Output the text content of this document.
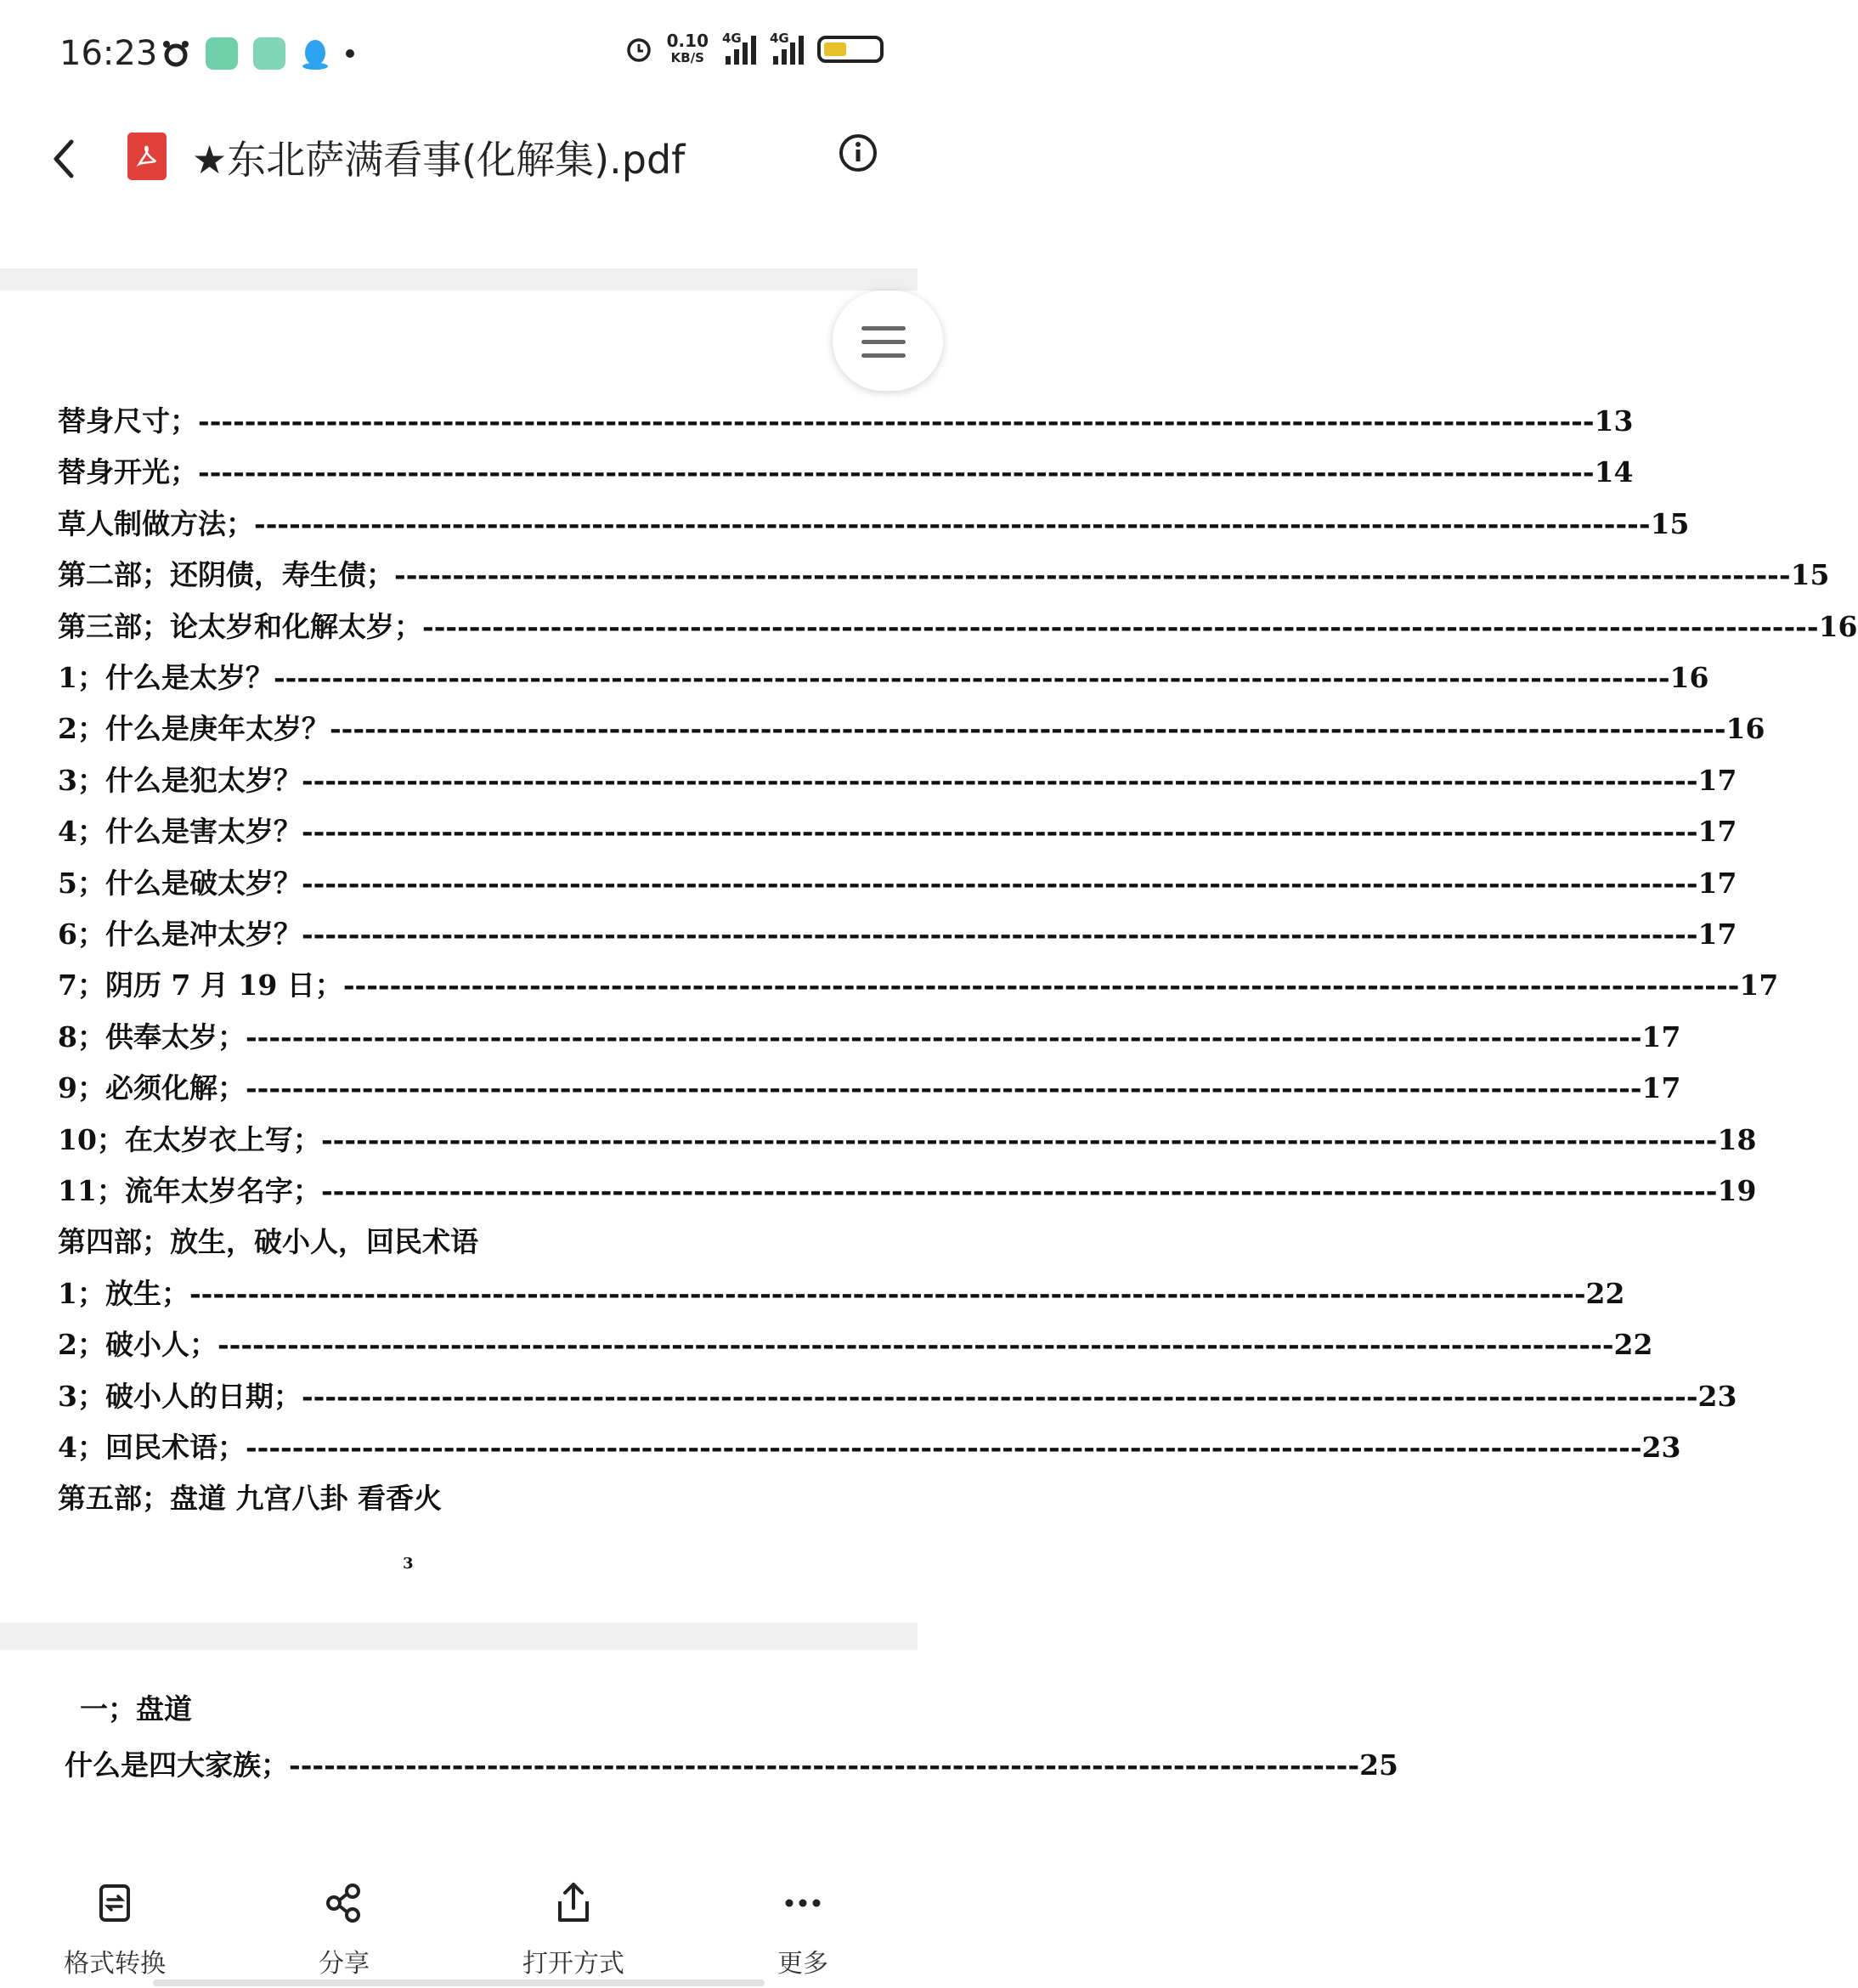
16:23	0.10
KB/S
4G 4G
★东北萨满看事(化解集).pdf
替身尺寸； ------------------------------------------------------------------------------------------------------------------------ 13
替身开光； ------------------------------------------------------------------------------------------------------------------------ 14
草人制做方法； ------------------------------------------------------------------------------------------------------------------------ 15
第二部；还阴债，寿生债； ------------------------------------------------------------------------------------------------------------------------ 15
第三部；论太岁和化解太岁； ------------------------------------------------------------------------------------------------------------------------ 16
1；什么是太岁？ ------------------------------------------------------------------------------------------------------------------------ 16
2；什么是庚年太岁？ ------------------------------------------------------------------------------------------------------------------------ 16
3；什么是犯太岁？ ------------------------------------------------------------------------------------------------------------------------ 17
4；什么是害太岁？ ------------------------------------------------------------------------------------------------------------------------ 17
5；什么是破太岁？ ------------------------------------------------------------------------------------------------------------------------ 17
6；什么是冲太岁？ ------------------------------------------------------------------------------------------------------------------------ 17
7；阴历 7 月 19 日； ------------------------------------------------------------------------------------------------------------------------ 17
8；供奉太岁； ------------------------------------------------------------------------------------------------------------------------ 17
9；必须化解； ------------------------------------------------------------------------------------------------------------------------ 17
10；在太岁衣上写； ------------------------------------------------------------------------------------------------------------------------ 18
11；流年太岁名字； ------------------------------------------------------------------------------------------------------------------------ 19
第四部；放生，破小人，回民术语
1；放生； ------------------------------------------------------------------------------------------------------------------------ 22
2；破小人； ------------------------------------------------------------------------------------------------------------------------ 22
3；破小人的日期； ------------------------------------------------------------------------------------------------------------------------ 23
4；回民术语； ------------------------------------------------------------------------------------------------------------------------ 23
第五部；盘道 九宫八卦 看香火
3
一；盘道
什么是四大家族； -------------------------------------------------------------------------------------------- 25
格式转换	分享	打开方式	更多
